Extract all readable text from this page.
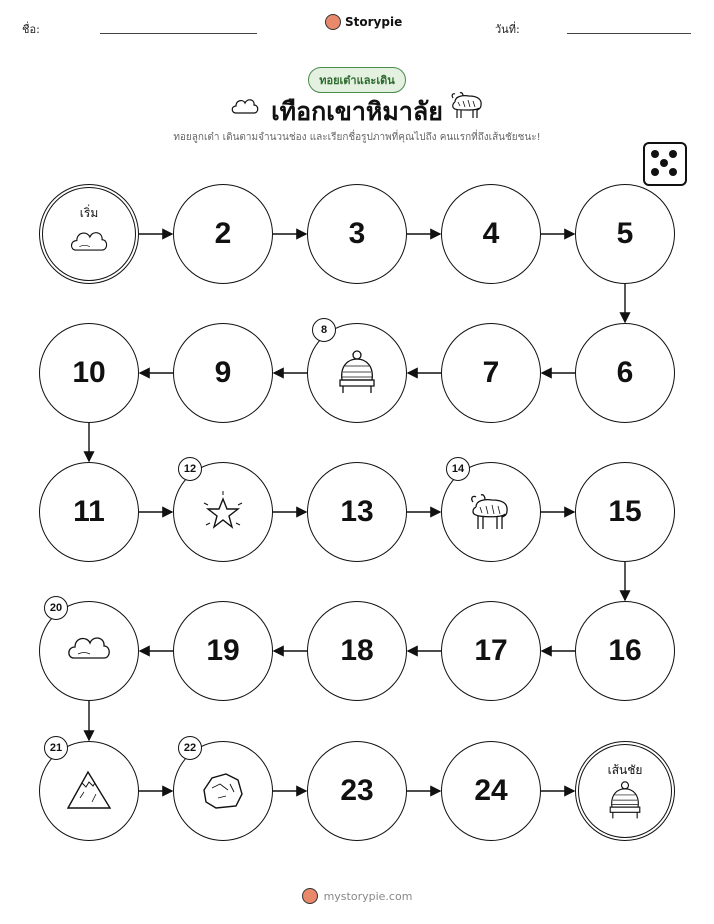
ชื่อ:
Storypie
วันที่:
ทอยเต๋าและเดิน
เทือกเขาหิมาลัย
ทอยลูกเต๋า เดินตามจำนวนช่อง และเรียกชื่อรูปภาพที่คุณไปถึง คนแรกที่ถึงเส้นชัยชนะ!
เริ่ม
2	3	4	5
6
7
8
9
10
11
12
13
14
15
16
17
18
19
20
21	22
23	24
เส้นชัย
mystorypie.com
